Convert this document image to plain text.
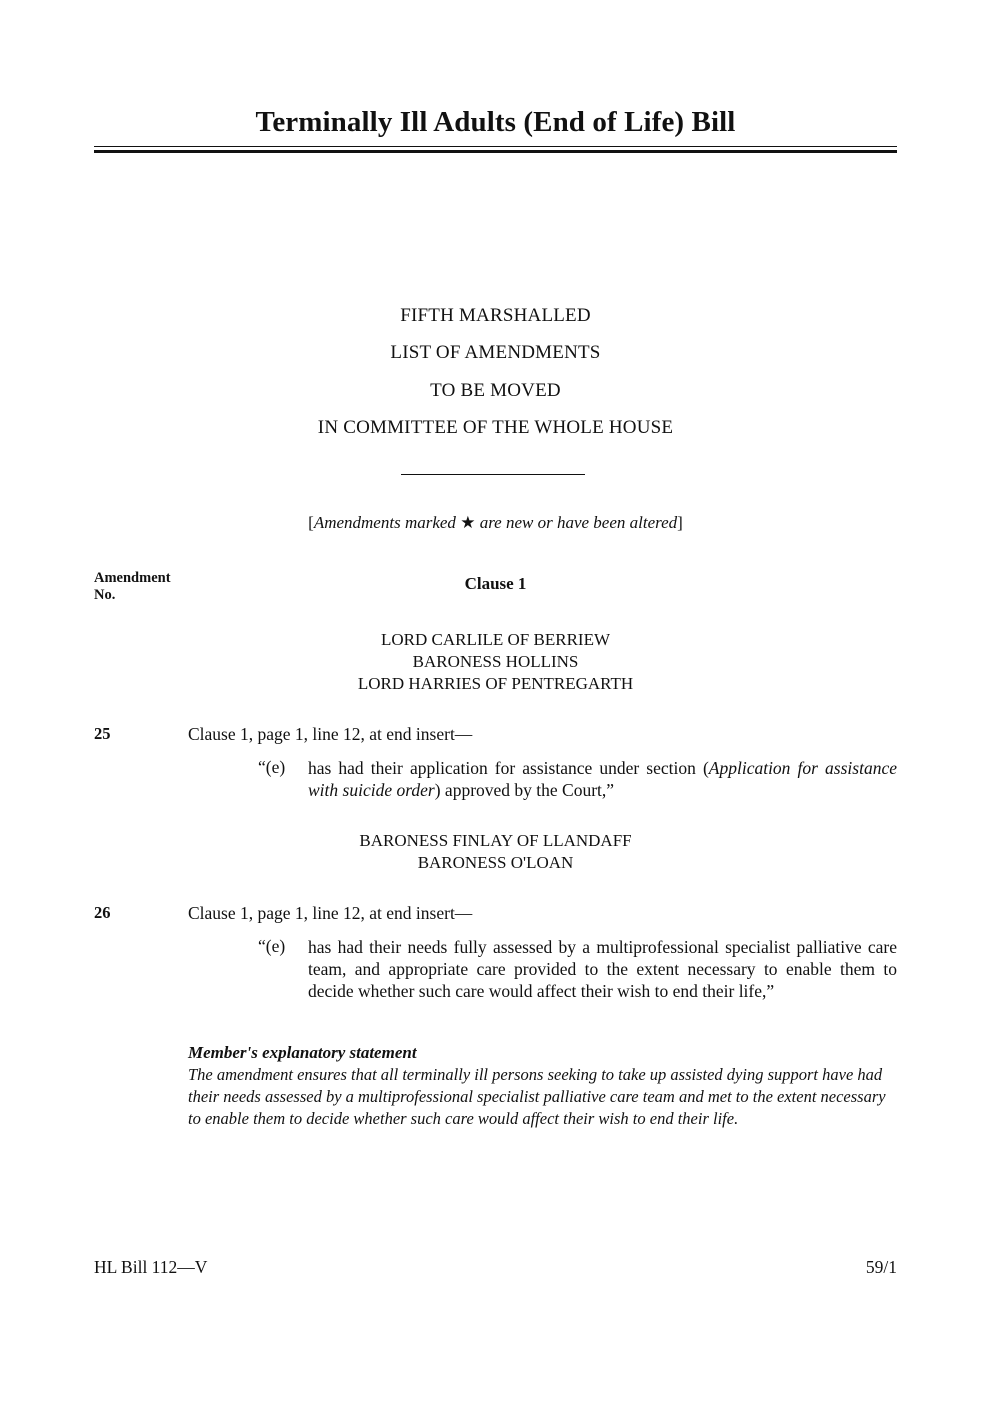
Terminally Ill Adults (End of Life) Bill
FIFTH MARSHALLED
LIST OF AMENDMENTS
TO BE MOVED
IN COMMITTEE OF THE WHOLE HOUSE
[Amendments marked ★ are new or have been altered]
Amendment
No.
Clause 1
LORD CARLILE OF BERRIEW
BARONESS HOLLINS
LORD HARRIES OF PENTREGARTH
25	Clause 1, page 1, line 12, at end insert—
“(e) has had their application for assistance under section (Application for assistance with suicide order) approved by the Court,”
BARONESS FINLAY OF LLANDAFF
BARONESS O'LOAN
26	Clause 1, page 1, line 12, at end insert—
“(e) has had their needs fully assessed by a multiprofessional specialist palliative care team, and appropriate care provided to the extent necessary to enable them to decide whether such care would affect their wish to end their life,”
Member's explanatory statement
The amendment ensures that all terminally ill persons seeking to take up assisted dying support have had their needs assessed by a multiprofessional specialist palliative care team and met to the extent necessary to enable them to decide whether such care would affect their wish to end their life.
HL Bill 112—V	59/1
